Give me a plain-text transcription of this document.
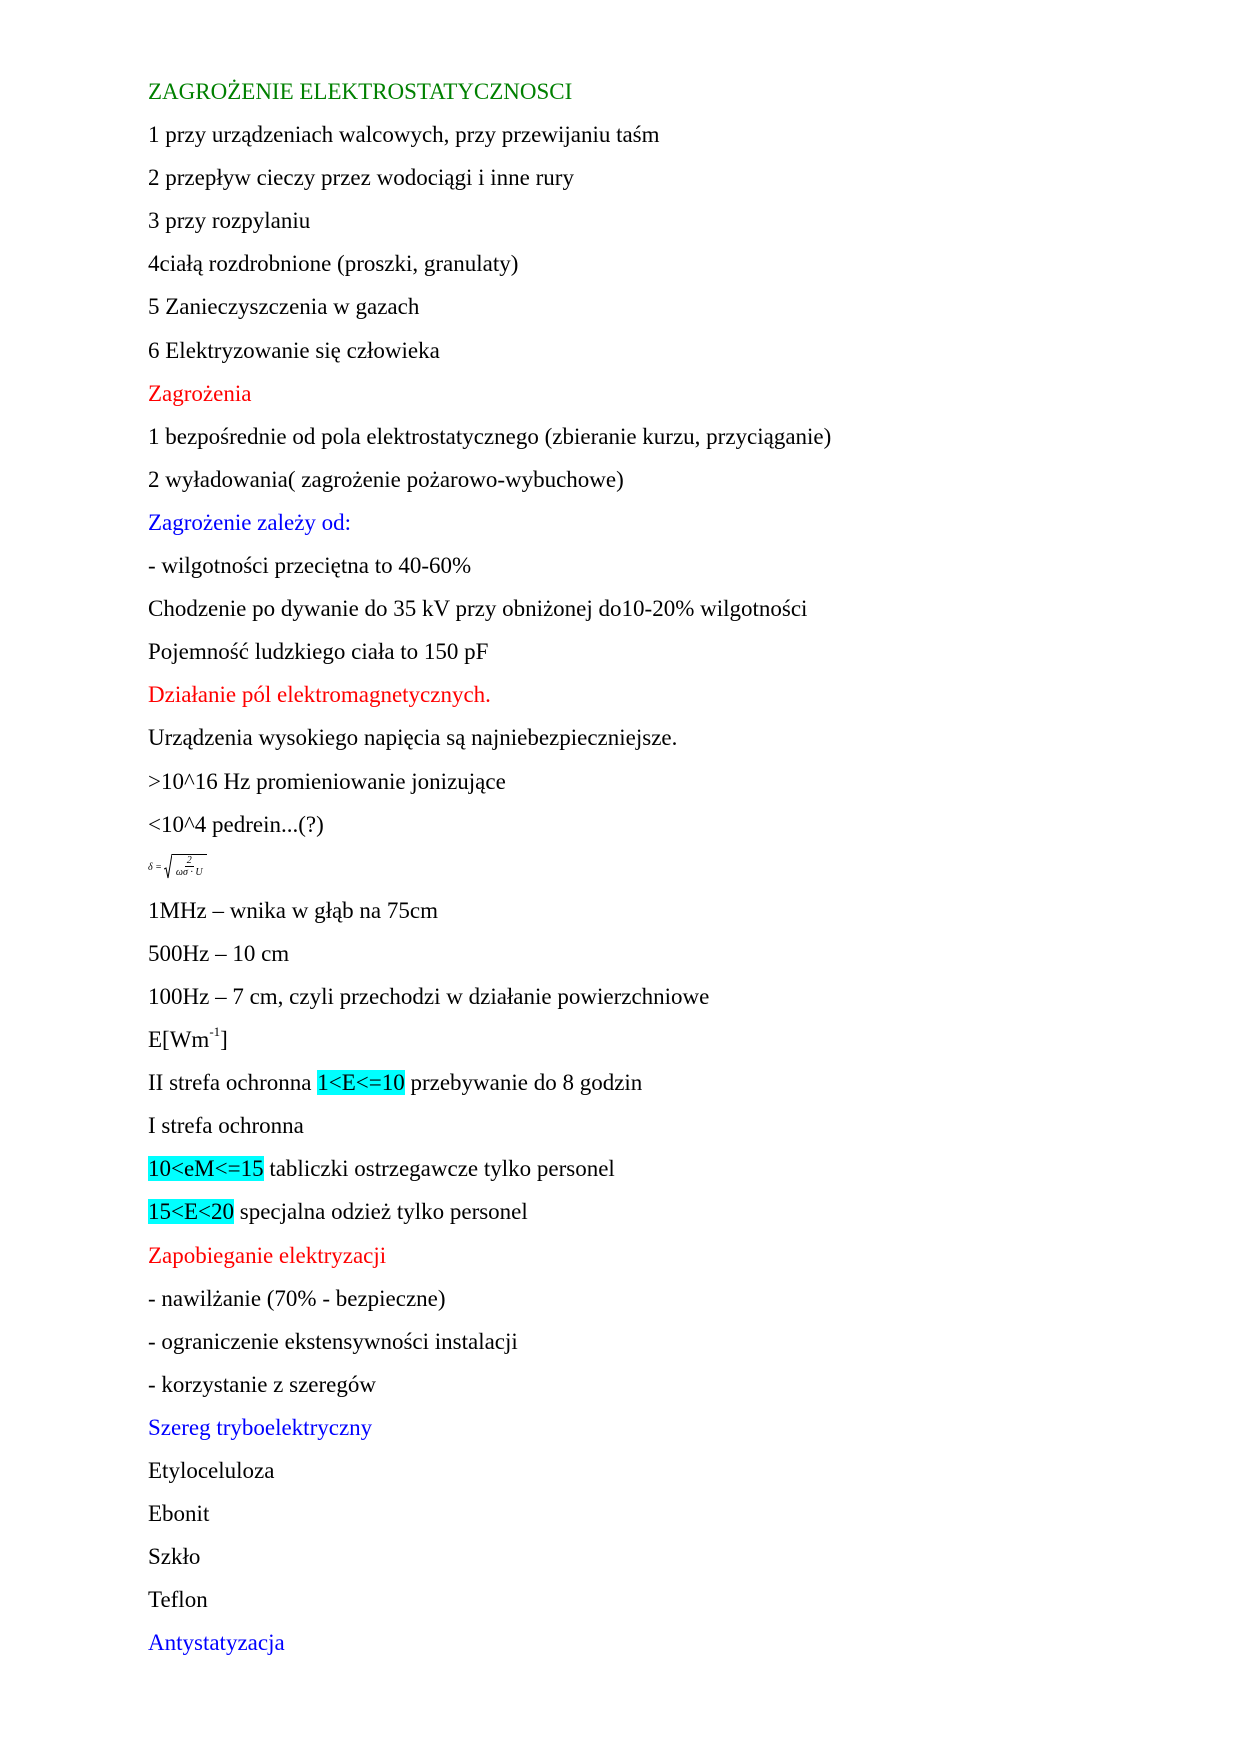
ZAGROŻENIE ELEKTROSTATYCZNOSCI
1 przy urządzeniach walcowych, przy przewijaniu taśm
2 przepływ cieczy przez wodociągi i inne rury
3 przy rozpylaniu
4ciałą rozdrobnione (proszki, granulaty)
5 Zanieczyszczenia w gazach
6 Elektryzowanie się człowieka
Zagrożenia
1 bezpośrednie od pola elektrostatycznego (zbieranie kurzu, przyciąganie)
2 wyładowania( zagrożenie pożarowo-wybuchowe)
Zagrożenie zależy od:
- wilgotności przeciętna to 40-60%
Chodzenie po dywanie do 35 kV przy obniżonej do10-20% wilgotności
Pojemność ludzkiego ciała to 150 pF
Działanie pól elektromagnetycznych.
Urządzenia wysokiego napięcia są najniebezpieczniejsze.
>10^16 Hz promieniowanie jonizujące
<10^4 pedrein...(?)
$\delta = \frac{2}{\omega\sigma \cdot U}$
1MHz – wnika w głąb na 75cm
500Hz – 10 cm
100Hz – 7 cm, czyli przechodzi w działanie powierzchniowe
$E[Wm^{-1}]$
II strefa ochronna 1<E<=10 przebywanie do 8 godzin
I strefa ochronna
10<eM<=15 tabliczki ostrzegawcze tylko personel
15<E<20 specjalna odzież tylko personel
Zapobieganie elektryzacji
- nawilżanie (70% - bezpieczne)
- ograniczenie ekstensywności instalacji
- korzystanie z szeregów
Szereg tryboelektryczny
Etyloceluloza
Ebonit
Szkło
Teflon
Antystatyzacja
